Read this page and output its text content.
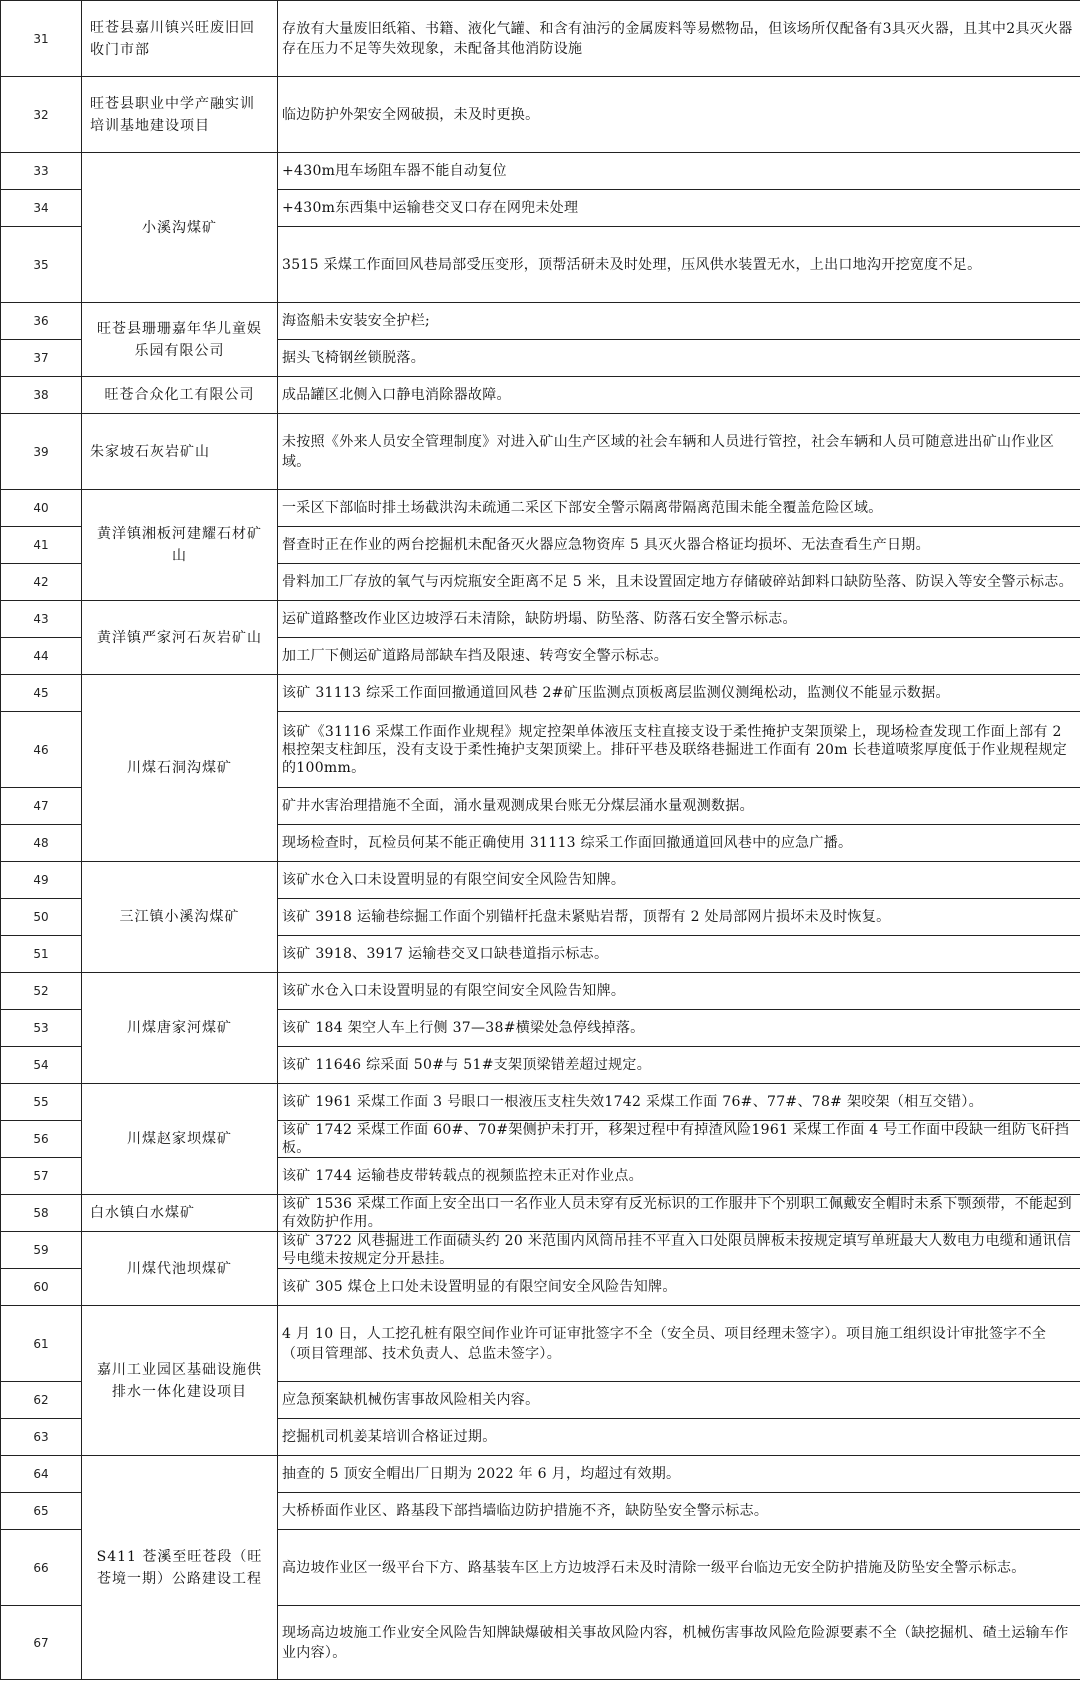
31	旺苍县嘉川镇兴旺废旧回收门市部	存放有大量废旧纸箱、书籍、液化气罐、和含有油污的金属废料等易燃物品，但该场所仅配备有3具灭火器，且其中2具灭火器存在压力不足等失效现象，未配备其他消防设施
32	旺苍县职业中学产融实训培训基地建设项目	临边防护外架安全网破损，未及时更换。
33	小溪沟煤矿	+430m甩车场阻车器不能自动复位
34		+430m东西集中运输巷交叉口存在网兜未处理
35		3515 采煤工作面回风巷局部受压变形，顶帮活研未及时处理，压风供水装置无水，上出口地沟开挖宽度不足。
36	旺苍县珊珊嘉年华儿童娱乐园有限公司	海盗船未安装安全护栏;
37		据头飞椅钢丝锁脱落。
38	旺苍合众化工有限公司	成品罐区北侧入口静电消除器故障。
39	朱家坡石灰岩矿山	未按照《外来人员安全管理制度》对进入矿山生产区域的社会车辆和人员进行管控，社会车辆和人员可随意进出矿山作业区域。
40	黄洋镇湘板河建耀石材矿山	一采区下部临时排土场截洪沟未疏通二采区下部安全警示隔离带隔离范围未能全覆盖危险区域。
41		督查时正在作业的两台挖掘机未配备灭火器应急物资库 5 具灭火器合格证均损坏、无法查看生产日期。
42		骨料加工厂存放的氧气与丙烷瓶安全距离不足 5 米，且未设置固定地方存储破碎站卸料口缺防坠落、防误入等安全警示标志。
43	黄洋镇严家河石灰岩矿山	运矿道路整改作业区边坡浮石未清除，缺防坍塌、防坠落、防落石安全警示标志。
44		加工厂下侧运矿道路局部缺车挡及限速、转弯安全警示标志。
45	川煤石洞沟煤矿	该矿 31113 综采工作面回撤通道回风巷 2#矿压监测点顶板离层监测仪测绳松动，监测仪不能显示数据。
46		该矿《31116 采煤工作面作业规程》规定控架单体液压支柱直接支设于柔性掩护支架顶梁上，现场检查发现工作面上部有 2 根控架支柱卸压，没有支设于柔性掩护支架顶梁上。排矸平巷及联络巷掘进工作面有 20m 长巷道喷浆厚度低于作业规程规定的100mm。
47		矿井水害治理措施不全面，涌水量观测成果台账无分煤层涌水量观测数据。
48		现场检查时，瓦检员何某不能正确使用 31113 综采工作面回撤通道回风巷中的应急广播。
49	三江镇小溪沟煤矿	该矿水仓入口未设置明显的有限空间安全风险告知牌。
50		该矿 3918 运输巷综掘工作面个别锚杆托盘未紧贴岩帮，顶帮有 2 处局部网片损坏未及时恢复。
51		该矿 3918、3917 运输巷交叉口缺巷道指示标志。
52	川煤唐家河煤矿	该矿水仓入口未设置明显的有限空间安全风险告知牌。
53		该矿 184 架空人车上行侧 37—38#横梁处急停线掉落。
54		该矿 11646 综采面 50#与 51#支架顶梁错差超过规定。
55	川煤赵家坝煤矿	该矿 1961 采煤工作面 3 号眼口一根液压支柱失效1742 采煤工作面 76#、77#、78# 架咬架（相互交错）。
56		该矿 1742 采煤工作面 60#、70#架侧护未打开，移架过程中有掉渣风险1961 采煤工作面 4 号工作面中段缺一组防飞矸挡板。
57		该矿 1744 运输巷皮带转载点的视频监控未正对作业点。
58	白水镇白水煤矿	该矿 1536 采煤工作面上安全出口一名作业人员未穿有反光标识的工作服井下个别职工佩戴安全帽时未系下颚颈带，不能起到有效防护作用。
59	川煤代池坝煤矿	该矿 3722 风巷掘进工作面碛头约 20 米范围内风筒吊挂不平直入口处限员牌板未按规定填写单班最大人数电力电缆和通讯信号电缆未按规定分开悬挂。
60		该矿 305 煤仓上口处未设置明显的有限空间安全风险告知牌。
61	嘉川工业园区基础设施供排水一体化建设项目	4 月 10 日，人工挖孔桩有限空间作业许可证审批签字不全（安全员、项目经理未签字）。项目施工组织设计审批签字不全（项目管理部、技术负责人、总监未签字）。
62		应急预案缺机械伤害事故风险相关内容。
63		挖掘机司机姜某培训合格证过期。
64	S411 苍溪至旺苍段（旺苍境一期）公路建设工程	抽查的 5 顶安全帽出厂日期为 2022 年 6 月，均超过有效期。
65		大桥桥面作业区、路基段下部挡墙临边防护措施不齐，缺防坠安全警示标志。
66		高边坡作业区一级平台下方、路基装车区上方边坡浮石未及时清除一级平台临边无安全防护措施及防坠安全警示标志。
67		现场高边坡施工作业安全风险告知牌缺爆破相关事故风险内容，机械伤害事故风险危险源要素不全（缺挖掘机、碴土运输车作业内容）。
